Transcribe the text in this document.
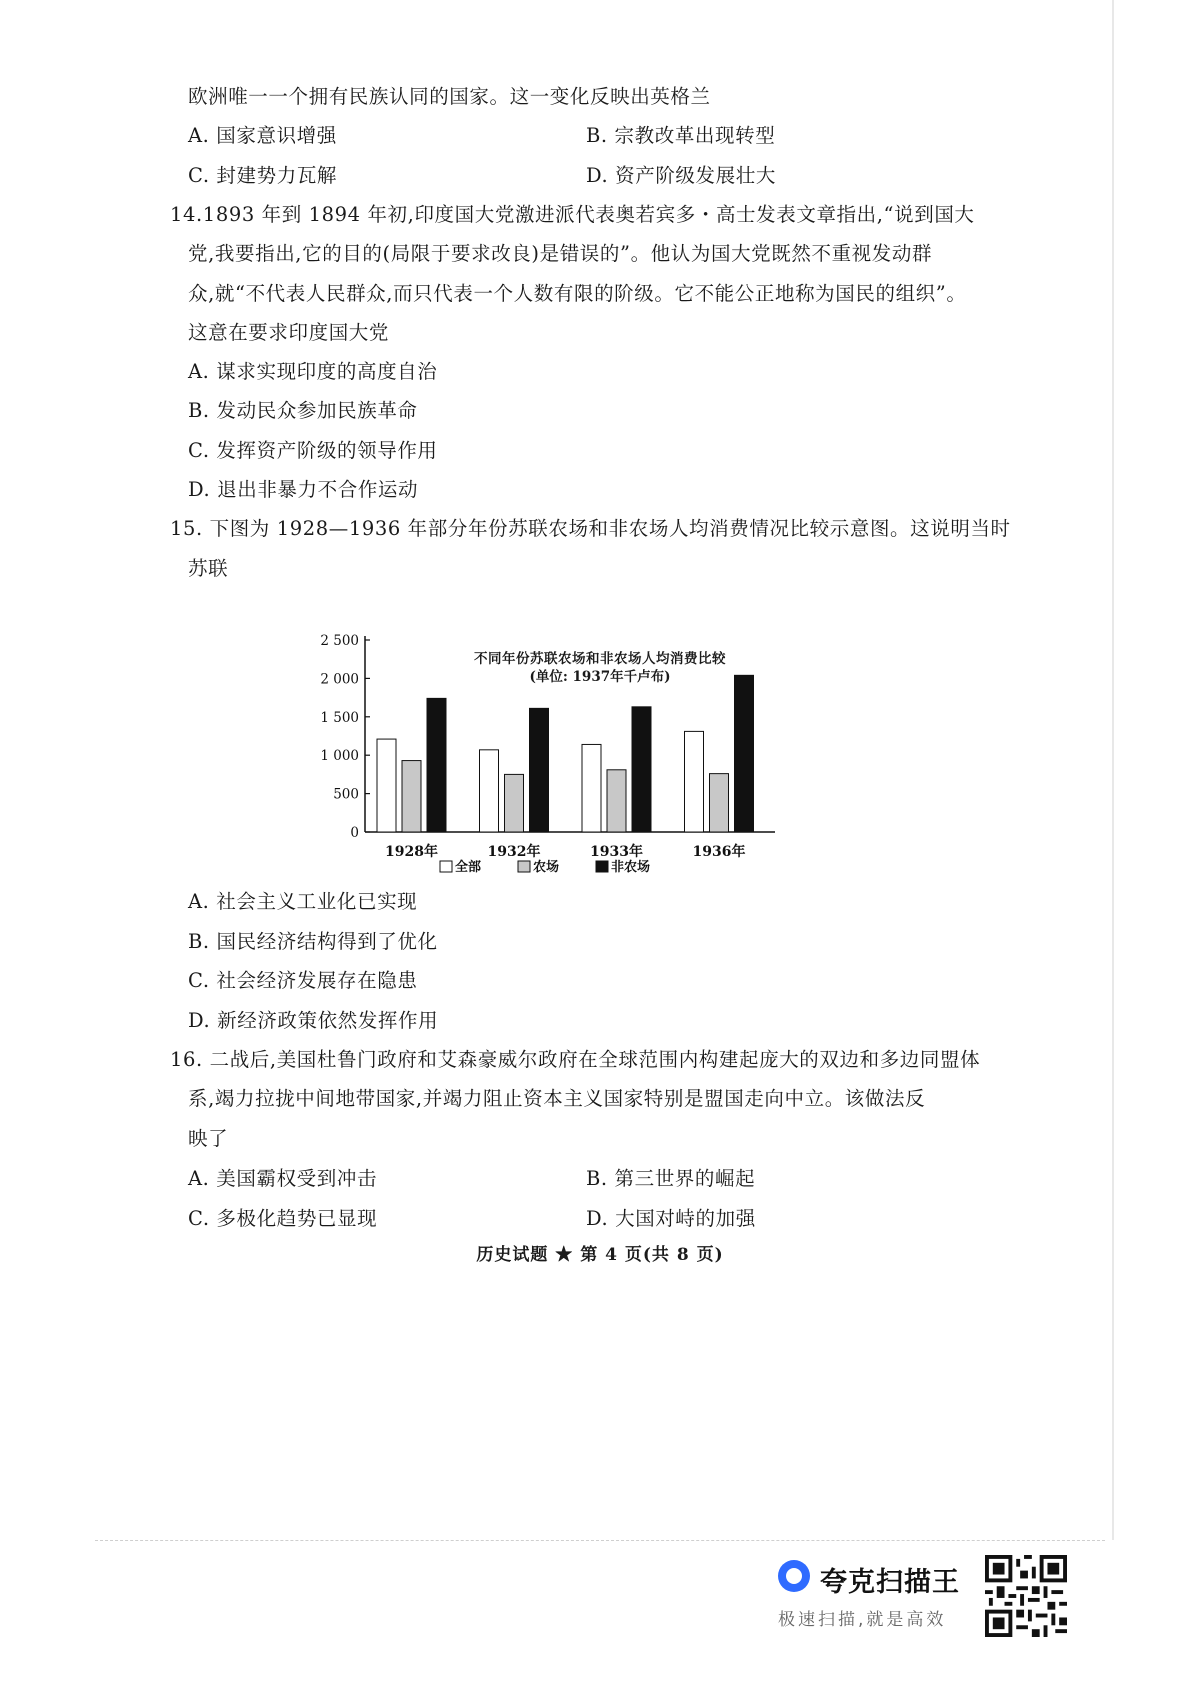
欧洲唯一一个拥有民族认同的国家。这一变化反映出英格兰
A. 国家意识增强	B. 宗教改革出现转型
C. 封建势力瓦解	D. 资产阶级发展壮大
14.1893 年到 1894 年初,印度国大党激进派代表奥若宾多・高士发表文章指出,“说到国大
党,我要指出,它的目的(局限于要求改良)是错误的”。他认为国大党既然不重视发动群
众,就“不代表人民群众,而只代表一个人数有限的阶级。它不能公正地称为国民的组织”。
这意在要求印度国大党
A. 谋求实现印度的高度自治
B. 发动民众参加民族革命
C. 发挥资产阶级的领导作用
D. 退出非暴力不合作运动
15. 下图为 1928—1936 年部分年份苏联农场和非农场人均消费情况比较示意图。这说明当时
苏联
不同年份苏联农场和非农场人均消费比较
(单位: 1937年千卢布)
0
500
1 000
1 500
2 000
2 500
1928年	1932年	1933年	1936年
全部	农场	非农场
A. 社会主义工业化已实现
B. 国民经济结构得到了优化
C. 社会经济发展存在隐患
D. 新经济政策依然发挥作用
16. 二战后,美国杜鲁门政府和艾森豪威尔政府在全球范围内构建起庞大的双边和多边同盟体
系,竭力拉拢中间地带国家,并竭力阻止资本主义国家特别是盟国走向中立。该做法反
映了
A. 美国霸权受到冲击	B. 第三世界的崛起
C. 多极化趋势已显现	D. 大国对峙的加强
历史试题 ★ 第 4 页(共 8 页)
夸克扫描王
极速扫描,就是高效
